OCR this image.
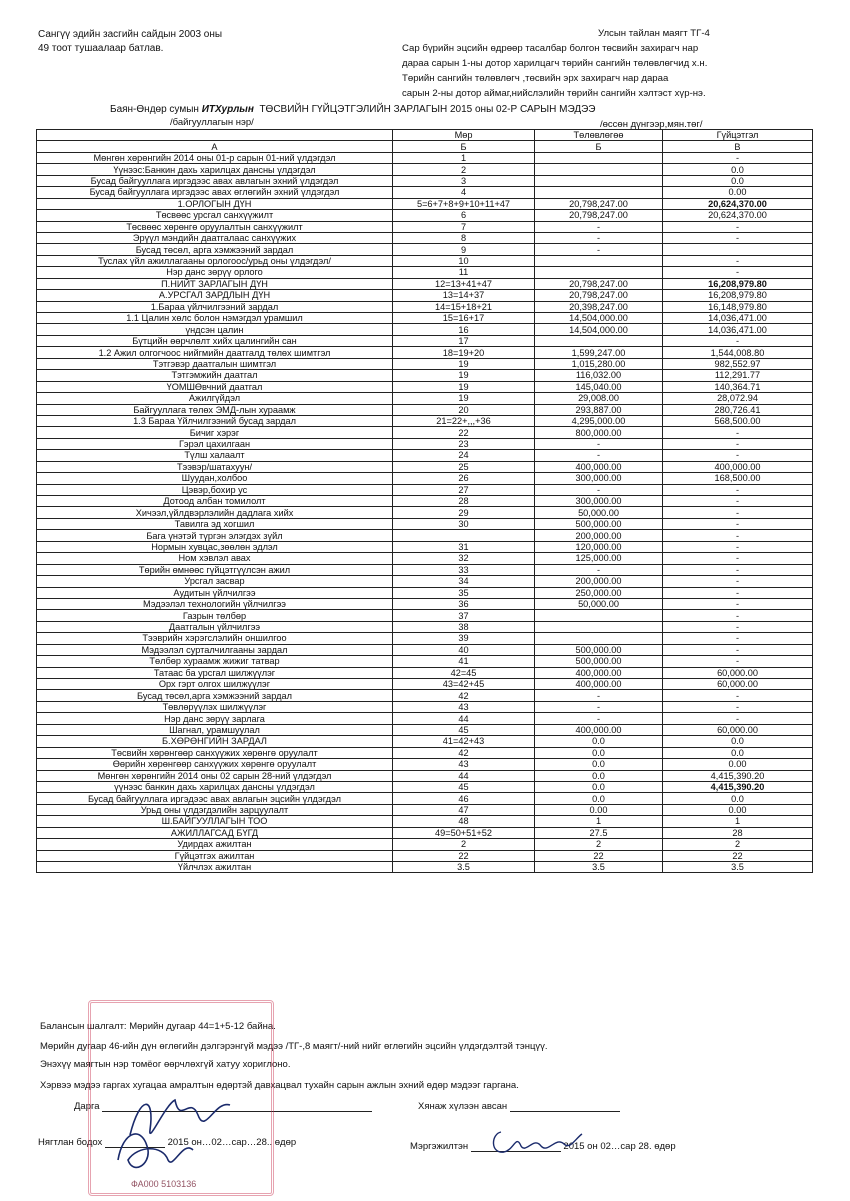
Сангүү эдийн засгийн сайдын 2003 оны
49 тоот тушаалаар батлав.
Улсын тайлан маягт ТГ-4
Сар бүрийн эцсийн өдрөөр тасалбар болгон төсвийн захирагч нар
дараа сарын 1-ны дотор харилцагч төрийн сангийн төлөвлөгчид х.н.
Төрийн сангийн төлөвлөгч ,төсвийн эрх захирагч нар дараа
сарын 2-ны дотор аймаг,нийслэлийн төрийн сангийн хэлтэст хүр-нэ.
Баян-Өндөр сумын ИТХурлын ТӨСВИЙН ГҮЙЦЭТГЭЛИЙН ЗАРЛАГЫН 2015 оны 02-Р САРЫН МЭДЭЭ
/байгууллагын нэр/	/өссөн дүнгээр,мян.төг/
	Мөр	Төлөвлөгөө	Гүйцэтгэл
А	Б	Б	В
Мөнгөн хөрөнгийн 2014 оны 01-р сарын 01-ний үлдэгдэл	1		-
Үүнээс:Банкин дахь харилцах дансны үлдэгдэл	2		0.0
Бусад байгууллага иргэдээс авах авлагын эхний үлдэгдэл	3		0.0
Бусад байгууллага иргэдээс авах өглөгийн эхний үлдэгдэл	4		0.00
1.ОРЛОГЫН ДҮН	5=6+7+8+9+10+11+47	20,798,247.00	20,624,370.00
Төсвөөс урсгал санхүүжилт	6	20,798,247.00	20,624,370.00
Төсвөөс хөрөнгө оруулалтын санхүүжилт	7	-	-
Эрүүл мэндийн даатгалаас санхүүжих	8	-	-
Бусад төсөл, арга хэмжээний зардал	9	-	
Туслах үйл ажиллагааны орлогоос/урьд оны үлдэгдэл/	10		-
Нэр данс зөрүү орлого	11		-
П.НИЙТ ЗАРЛАГЫН ДҮН	12=13+41+47	20,798,247.00	16,208,979.80
А.УРСГАЛ ЗАРДЛЫН ДҮН	13=14+37	20,798,247.00	16,208,979.80
1.Бараа үйлчилгээний зардал	14=15+18+21	20,398,247.00	16,148,979.80
1.1 Цалин хөлс болон нэмэгдэл урамшил	15=16+17	14,504,000.00	14,036,471.00
үндсэн цалин	16	14,504,000.00	14,036,471.00
Бүтцийн өөрчлөлт хийх цалингийн сан	17		-
1.2 Ажил олгогчоос нийгмийн даатгалд төлөх шимтгэл	18=19+20	1,599,247.00	1,544,008.80
Тэтгэвэр даатгалын шимтгэл	19	1,015,280.00	982,552.97
Тэтгэмжийн даатгал	19	116,032.00	112,291.77
ҮОМШӨвчний даатгал	19	145,040.00	140,364.71
Ажилгүйдэл	19	29,008.00	28,072.94
Байгууллага төлөх ЭМД-лын хураамж	20	293,887.00	280,726.41
1.3 Бараа Үйлчилгээний бусад зардал	21=22+,,,+36	4,295,000.00	568,500.00
Бичиг хэрэг	22	800,000.00	-
Гэрэл цахилгаан	23	-	-
Түлш халаалт	24	-	-
Тээвэр/шатахуун/	25	400,000.00	400,000.00
Шуудан,холбоо	26	300,000.00	168,500.00
Цэвэр,бохир ус	27	-	-
Дотоод албан томилолт	28	300,000.00	-
Хичээл,үйлдвэрлэлийн дадлага хийх	29	50,000.00	-
Тавилга эд хогшил	30	500,000.00	-
Бага үнэтэй түргэн элэгдэх зүйл		200,000.00	-
Нормын хувцас,зөөлөн эдлэл	31	120,000.00	-
Ном хэвлэл авах	32	125,000.00	-
Төрийн өмнөөс гүйцэтгүүлсэн ажил	33	-	-
Урсгал засвар	34	200,000.00	-
Аудитын үйлчилгээ	35	250,000.00	-
Мэдээлэл технологийн үйлчилгээ	36	50,000.00	-
Газрын төлбөр	37		-
Даатгалын үйлчилгээ	38		-
Тээврийн хэрэгслэлийн оншилгоо	39		-
Мэдээлэл сурталчилгааны зардал	40	500,000.00	-
Төлбөр хураамж жижиг татвар	41	500,000.00	-
Татаас ба урсгал шилжүүлэг	42=45	400,000.00	60,000.00
Орх гэрт олгох шилжүүлэг	43=42+45	400,000.00	60,000.00
Бусад төсөл,арга хэмжээний зардал	42	-	-
Төвлөрүүлэх шилжүүлэг	43	-	-
Нэр данс зөрүү зарлага	44	-	-
Шагнал, урамшуулал	45	400,000.00	60,000.00
Б.ХӨРӨНГИЙН ЗАРДАЛ	41=42+43	0.0	0.0
Төсвийн хөрөнгөөр санхүүжих хөрөнгө оруулалт	42	0.0	0.0
Өөрийн хөрөнгөөр санхүүжих хөрөнгө оруулалт	43	0.0	0.00
Мөнгөн хөрөнгийн 2014 оны 02 сарын 28-ний үлдэгдэл	44	0.0	4,415,390.20
үүнээс банкин дахь харилцах дансны үлдэгдэл	45	0.0	4,415,390.20
Бусад байгууллага иргэдээс авах авлагын эцсийн үлдэгдэл	46	0.0	0.0
Урьд оны үлдэгдэлийн зарцуулалт	47	0.00	0.00
Ш.БАЙГУУЛЛАГЫН ТОО	48	1	1
АЖИЛЛАГСАД БҮГД	49=50+51+52	27.5	28
Удирдах ажилтан	2	2	2
Гүйцэтгэх ажилтан	22	22	22
Үйлчлэх ажилтан	3.5	3.5	3.5
Балансын шалгалт: Мөрийн дугаар 44=1+5-12 байна.
Мөрийн дугаар 46-ийн дүн өглөгийн дэлгэрэнгүй мэдээ /ТГ-,8 маягт/-ний нийг өглөгийн эцсийн үлдэгдэлтэй тэнцүү.
Энэхүү маягтын нэр томёог өөрчлөхгүй хатуу хориглоно.
Хэрвээ мэдээ гаргах хугацаа амралтын өдөртэй давхацвал тухайн сарын ажлын эхний өдөр мэдээг гаргана.
Дарга	Хянаж хүлээн авсан
Нягтлан бодох	2015 он…02…сар…28.. өдөр	Мэргэжилтэн	2015 он 02…сар 28. өдөр
ФА000 5103136
